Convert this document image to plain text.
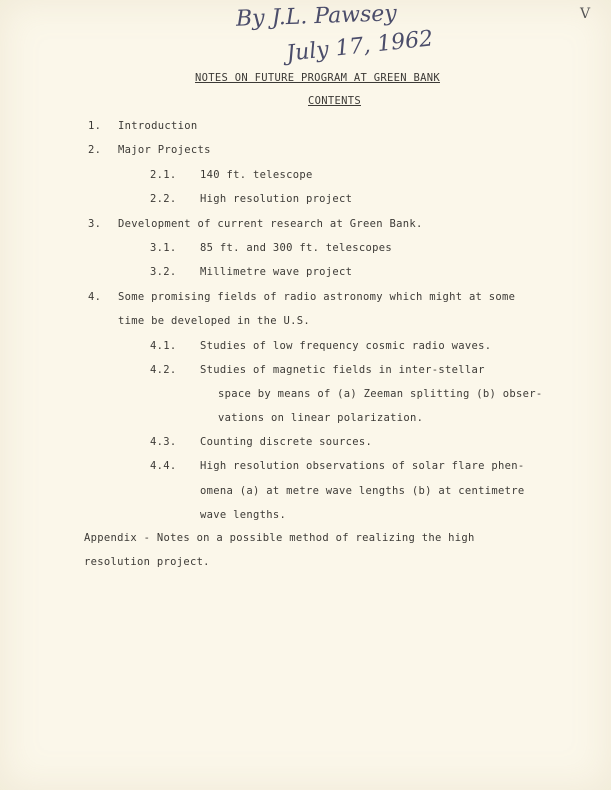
By J.L. Pawsey
July 17, 1962
V
NOTES ON FUTURE PROGRAM AT GREEN BANK
CONTENTS
1. Introduction
2. Major Projects
2.1. 140 ft. telescope
2.2. High resolution project
3. Development of current research at Green Bank.
3.1. 85 ft. and 300 ft. telescopes
3.2. Millimetre wave project
4. Some promising fields of radio astronomy which might at some
time be developed in the U.S.
4.1. Studies of low frequency cosmic radio waves.
4.2. Studies of magnetic fields in inter-stellar
space by means of (a) Zeeman splitting (b) obser-
vations on linear polarization.
4.3. Counting discrete sources.
4.4. High resolution observations of solar flare phen-
omena (a) at metre wave lengths (b) at centimetre
wave lengths.
Appendix - Notes on a possible method of realizing the high
resolution project.
